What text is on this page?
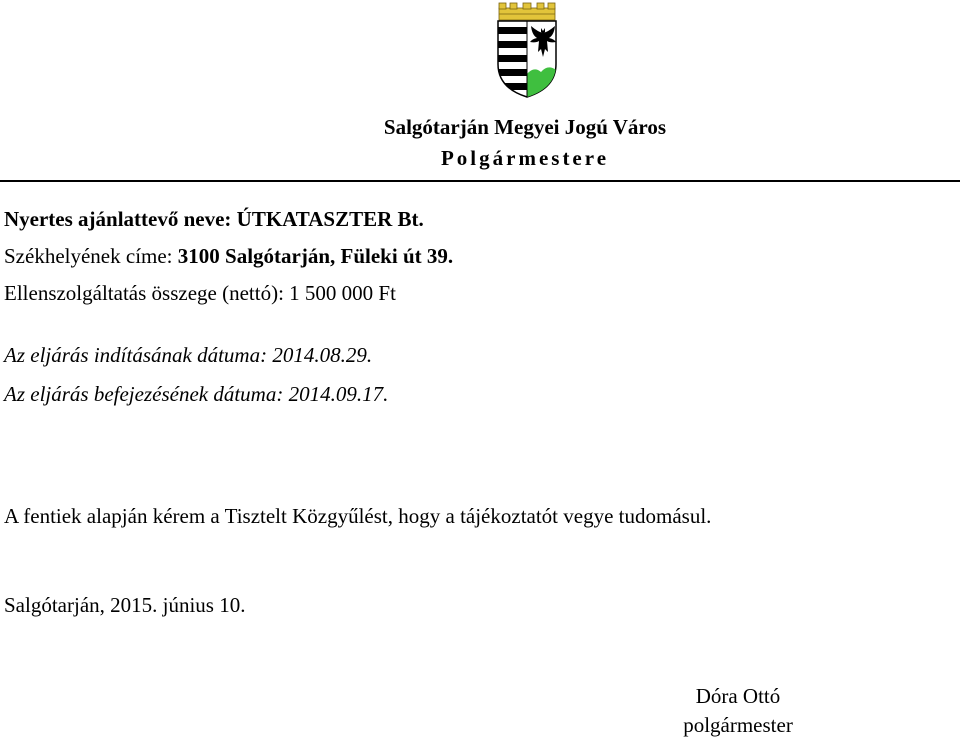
Salgótarján Megyei Jogú Város
Polgármestere
Nyertes ajánlattevő neve: ÚTKATASZTER Bt.
Székhelyének címe: 3100 Salgótarján, Füleki út 39.
Ellenszolgáltatás összege (nettó): 1 500 000 Ft
Az eljárás indításának dátuma: 2014.08.29.
Az eljárás befejezésének dátuma: 2014.09.17.
A fentiek alapján kérem a Tisztelt Közgyűlést, hogy a tájékoztatót vegye tudomásul.
Salgótarján, 2015. június 10.
Dóra Ottó
polgármester
